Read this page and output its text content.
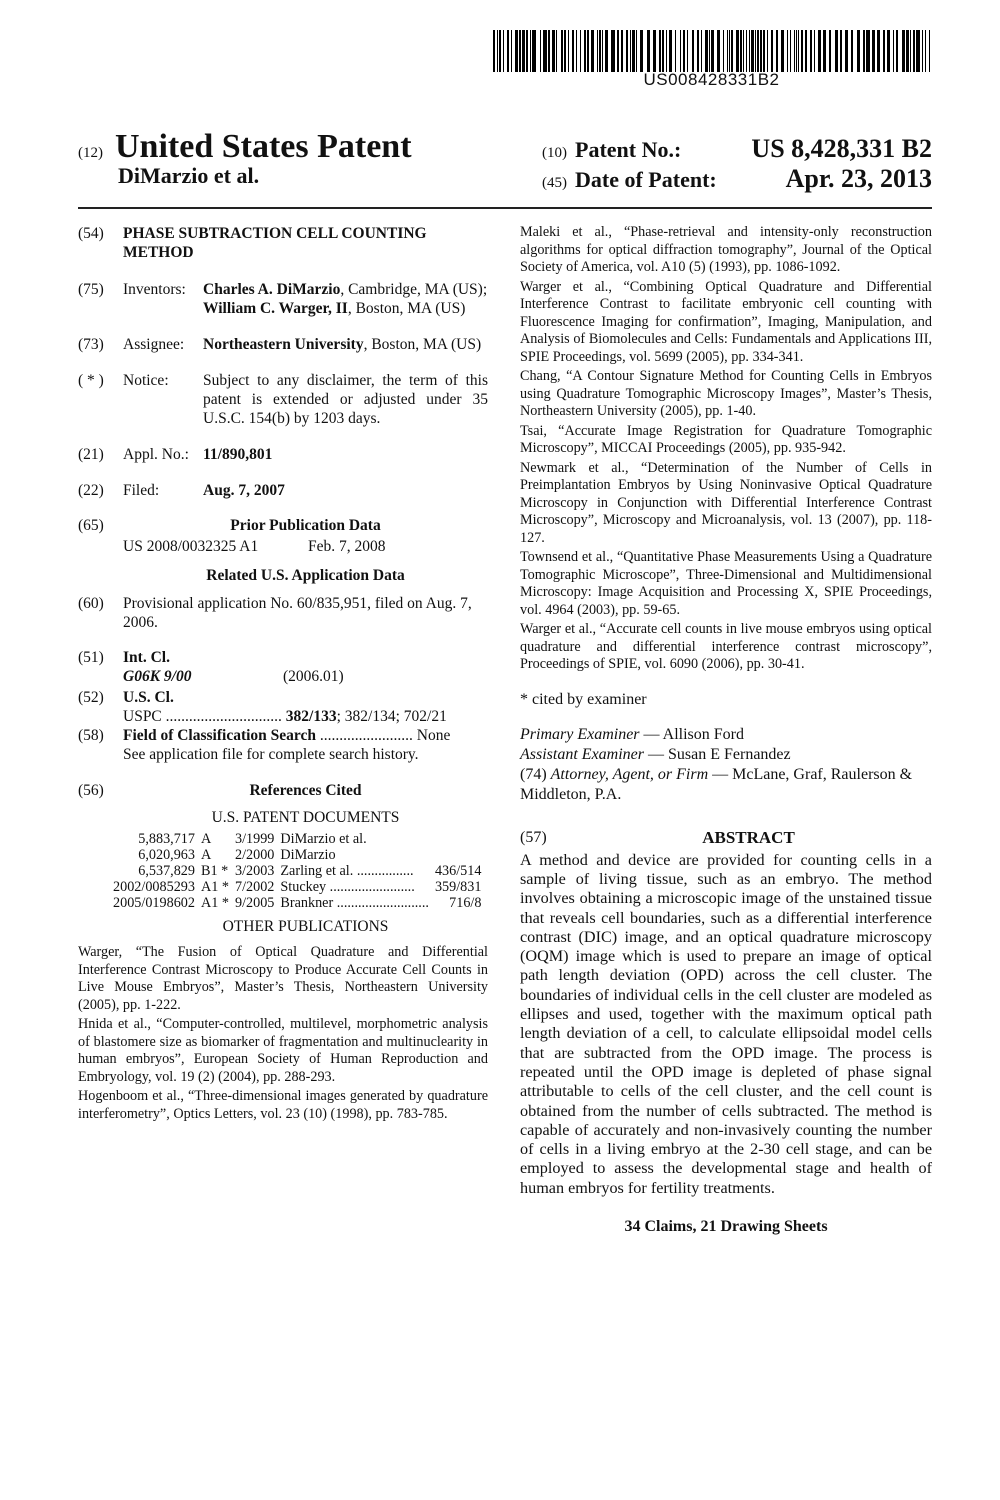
US008428331B2
(12) United States Patent
DiMarzio et al.
(10) Patent No.:	US 8,428,331 B2
(45) Date of Patent:	Apr. 23, 2013
(54)	PHASE SUBTRACTION CELL COUNTING METHOD
(75)	Inventors:	Charles A. DiMarzio, Cambridge, MA (US); William C. Warger, II, Boston, MA (US)
(73)	Assignee:	Northeastern University, Boston, MA (US)
( * )	Notice:	Subject to any disclaimer, the term of this patent is extended or adjusted under 35 U.S.C. 154(b) by 1203 days.
(21)	Appl. No.: 11/890,801
(22)	Filed:	Aug. 7, 2007
(65)	Prior Publication Data
US 2008/0032325 A1	Feb. 7, 2008
Related U.S. Application Data
(60)	Provisional application No. 60/835,951, filed on Aug. 7, 2006.
(51)	Int. Cl.
G06K 9/00	(2006.01)
(52)	U.S. Cl.
USPC .............................. 382/133; 382/134; 702/21
(58)	Field of Classification Search ........................ None
See application file for complete search history.
(56)	References Cited
U.S. PATENT DOCUMENTS
5,883,717	A	3/1999	DiMarzio et al.	
6,020,963	A	2/2000	DiMarzio	
6,537,829	B1 *	3/2003	Zarling et al. ................	436/514
2002/0085293	A1 *	7/2002	Stuckey ........................	359/831
2005/0198602	A1 *	9/2005	Brankner ..........................	716/8
OTHER PUBLICATIONS
Warger, “The Fusion of Optical Quadrature and Differential Interference Contrast Microscopy to Produce Accurate Cell Counts in Live Mouse Embryos”, Master’s Thesis, Northeastern University (2005), pp. 1-222.
Hnida et al., “Computer-controlled, multilevel, morphometric analysis of blastomere size as biomarker of fragmentation and multinuclearity in human embryos”, European Society of Human Reproduction and Embryology, vol. 19 (2) (2004), pp. 288-293.
Hogenboom et al., “Three-dimensional images generated by quadrature interferometry”, Optics Letters, vol. 23 (10) (1998), pp. 783-785.
Maleki et al., “Phase-retrieval and intensity-only reconstruction algorithms for optical diffraction tomography”, Journal of the Optical Society of America, vol. A10 (5) (1993), pp. 1086-1092.
Warger et al., “Combining Optical Quadrature and Differential Interference Contrast to facilitate embryonic cell counting with Fluorescence Imaging for confirmation”, Imaging, Manipulation, and Analysis of Biomolecules and Cells: Fundamentals and Applications III, SPIE Proceedings, vol. 5699 (2005), pp. 334-341.
Chang, “A Contour Signature Method for Counting Cells in Embryos using Quadrature Tomographic Microscopy Images”, Master’s Thesis, Northeastern University (2005), pp. 1-40.
Tsai, “Accurate Image Registration for Quadrature Tomographic Microscopy”, MICCAI Proceedings (2005), pp. 935-942.
Newmark et al., “Determination of the Number of Cells in Preimplantation Embryos by Using Noninvasive Optical Quadrature Microscopy in Conjunction with Differential Interference Contrast Microscopy”, Microscopy and Microanalysis, vol. 13 (2007), pp. 118-127.
Townsend et al., “Quantitative Phase Measurements Using a Quadrature Tomographic Microscope”, Three-Dimensional and Multidimensional Microscopy: Image Acquisition and Processing X, SPIE Proceedings, vol. 4964 (2003), pp. 59-65.
Warger et al., “Accurate cell counts in live mouse embryos using optical quadrature and differential interference contrast microscopy”, Proceedings of SPIE, vol. 6090 (2006), pp. 30-41.
* cited by examiner
Primary Examiner — Allison Ford
Assistant Examiner — Susan E Fernandez
(74) Attorney, Agent, or Firm — McLane, Graf, Raulerson & Middleton, P.A.
(57)	ABSTRACT
A method and device are provided for counting cells in a sample of living tissue, such as an embryo. The method involves obtaining a microscopic image of the unstained tissue that reveals cell boundaries, such as a differential interference contrast (DIC) image, and an optical quadrature microscopy (OQM) image which is used to prepare an image of optical path length deviation (OPD) across the cell cluster. The boundaries of individual cells in the cell cluster are modeled as ellipses and used, together with the maximum optical path length deviation of a cell, to calculate ellipsoidal model cells that are subtracted from the OPD image. The process is repeated until the OPD image is depleted of phase signal attributable to cells of the cell cluster, and the cell count is obtained from the number of cells subtracted. The method is capable of accurately and non-invasively counting the number of cells in a living embryo at the 2-30 cell stage, and can be employed to assess the developmental stage and health of human embryos for fertility treatments.
34 Claims, 21 Drawing Sheets
